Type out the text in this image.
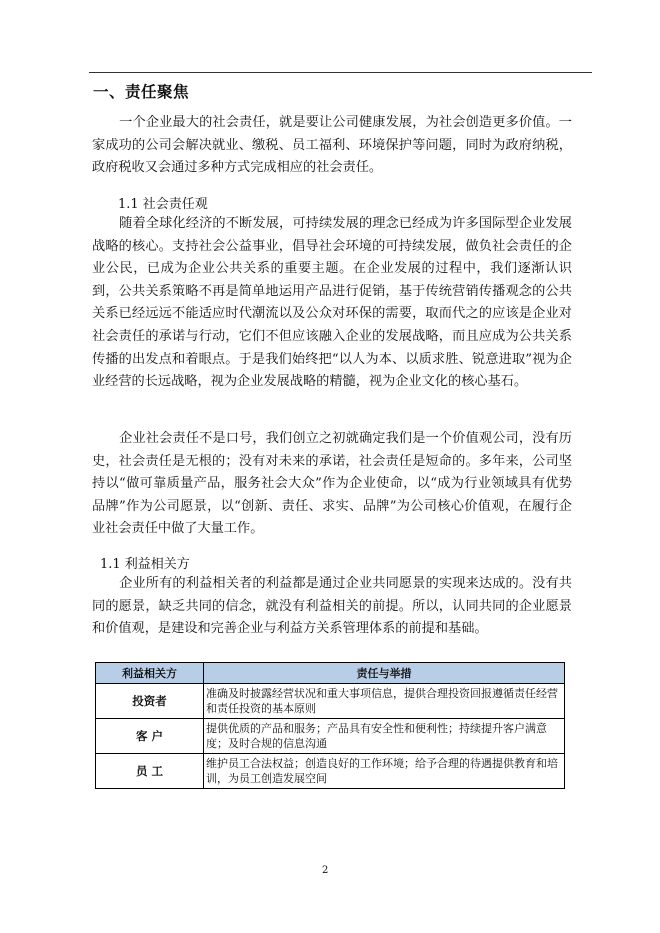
一、责任聚焦

一个企业最大的社会责任，就是要让公司健康发展，为社会创造更多价值。一家成功的公司会解决就业、缴税、员工福利、环境保护等问题，同时为政府纳税，政府税收又会通过多种方式完成相应的社会责任。

1.1 社会责任观

随着全球化经济的不断发展，可持续发展的理念已经成为许多国际型企业发展战略的核心。支持社会公益事业，倡导社会环境的可持续发展，做负社会责任的企业公民，已成为企业公共关系的重要主题。在企业发展的过程中，我们逐渐认识到，公共关系策略不再是简单地运用产品进行促销，基于传统营销传播观念的公共关系已经远远不能适应时代潮流以及公众对环保的需要，取而代之的应该是企业对社会责任的承诺与行动，它们不但应该融入企业的发展战略，而且应成为公共关系传播的出发点和着眼点。于是我们始终把“以人为本、以质求胜、锐意进取”视为企业经营的长远战略，视为企业发展战略的精髓，视为企业文化的核心基石。

企业社会责任不是口号，我们创立之初就确定我们是一个价值观公司，没有历史，社会责任是无根的；没有对未来的承诺，社会责任是短命的。多年来，公司坚持以“做可靠质量产品，服务社会大众”作为企业使命，以“成为行业领域具有优势品牌”作为公司愿景，以“创新、责任、求实、品牌”为公司核心价值观，在履行企业社会责任中做了大量工作。

1.1 利益相关方

企业所有的利益相关者的利益都是通过企业共同愿景的实现来达成的。没有共同的愿景，缺乏共同的信念，就没有利益相关的前提。所以，认同共同的企业愿景和价值观，是建设和完善企业与利益方关系管理体系的前提和基础。

利益相关方	责任与举措
投资者	准确及时披露经营状况和重大事项信息，提供合理投资回报遵循责任经营和责任投资的基本原则
客 户	提供优质的产品和服务；产品具有安全性和便利性；持续提升客户满意度；及时合规的信息沟通
员 工	维护员工合法权益；创造良好的工作环境；给予合理的待遇提供教育和培训，为员工创造发展空间
2
